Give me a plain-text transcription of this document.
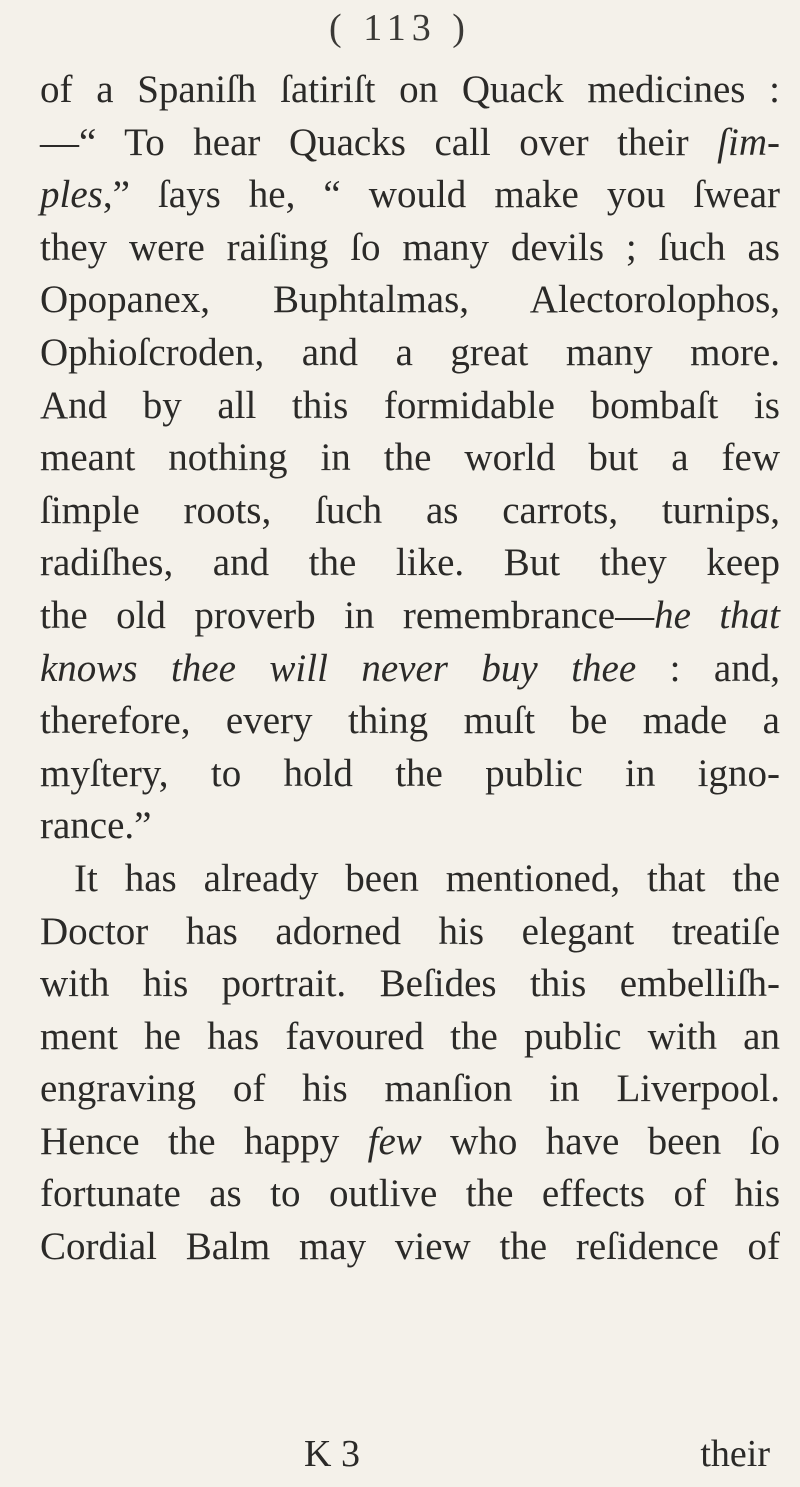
( 113 )
of a Spaniſh ſatiriſt on Quack medicines :
—“ To hear Quacks call over their ſim-
ples,” ſays he, “ would make you ſwear
they were raiſing ſo many devils ; ſuch as
Opopanex, Buphtalmas, Alectorolophos,
Ophioſcroden, and a great many more.
And by all this formidable bombaſt is
meant nothing in the world but a few
ſimple roots, ſuch as carrots, turnips,
radiſhes, and the like. But they keep
the old proverb in remembrance—he that
knows thee will never buy thee : and,
therefore, every thing muſt be made a
myſtery, to hold the public in igno-
rance.”
It has already been mentioned, that the
Doctor has adorned his elegant treatiſe
with his portrait. Beſides this embelliſh-
ment he has favoured the public with an
engraving of his manſion in Liverpool.
Hence the happy few who have been ſo
fortunate as to outlive the effects of his
Cordial Balm may view the reſidence of
K 3	their
